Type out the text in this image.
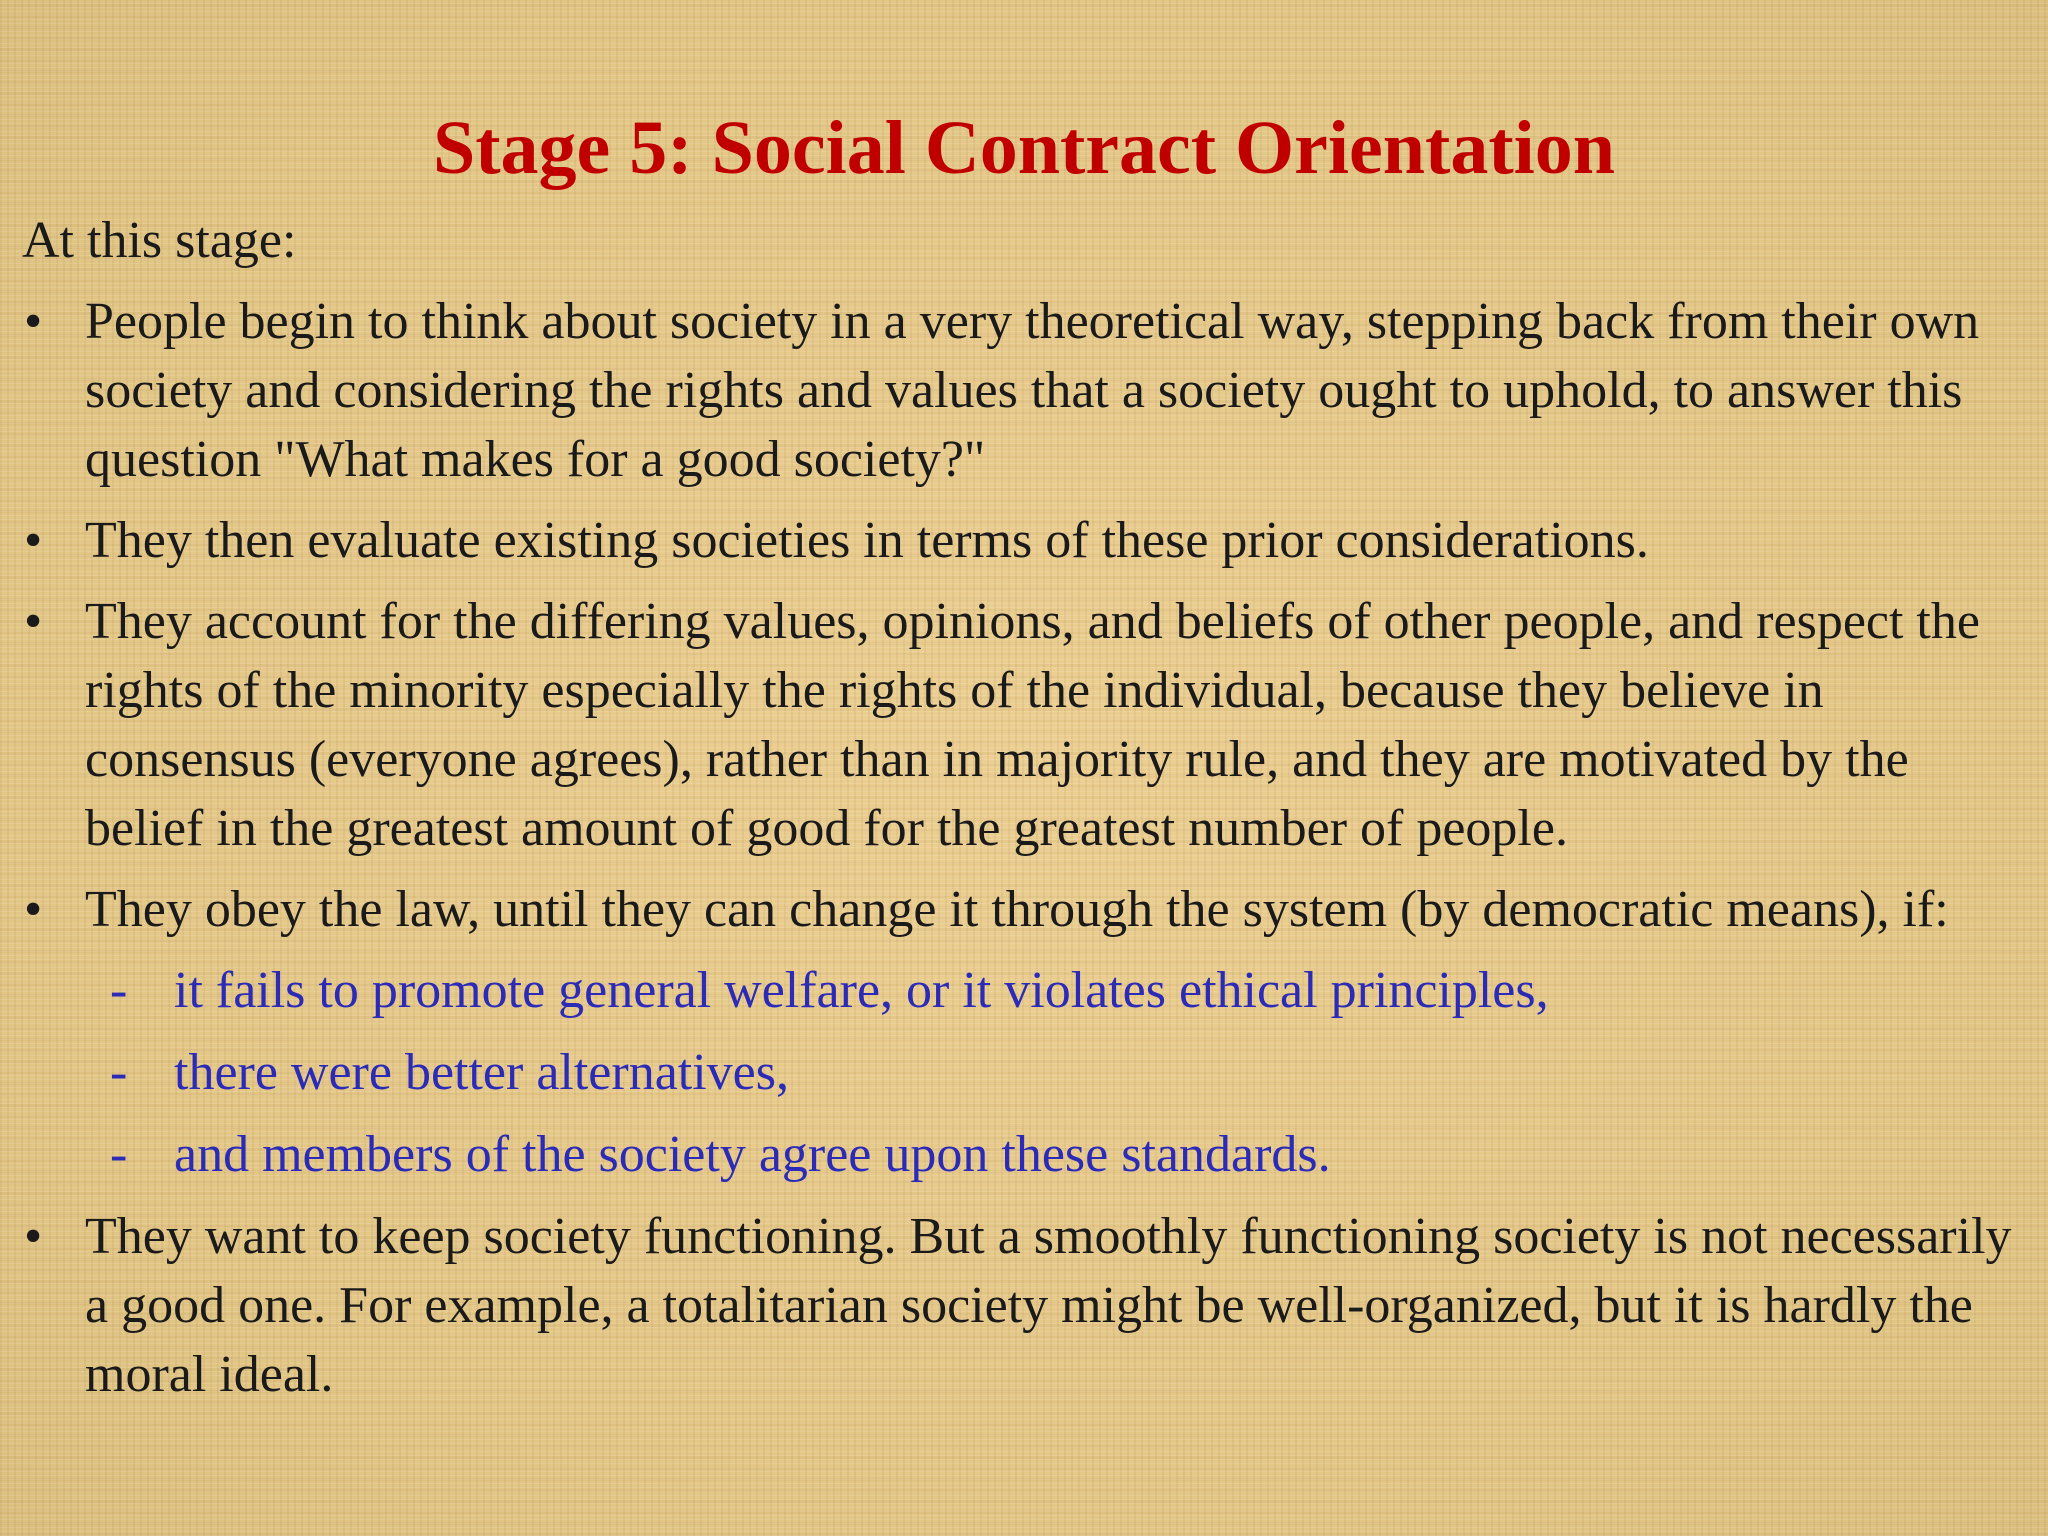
Stage 5: Social Contract Orientation
At this stage:
• People begin to think about society in a very theoretical way, stepping back from their own society and considering the rights and values that a society ought to uphold, to answer this question "What makes for a good society?"
• They then evaluate existing societies in terms of these prior considerations.
• They account for the differing values, opinions, and beliefs of other people, and respect the rights of the minority especially the rights of the individual, because they believe in consensus (everyone agrees), rather than in majority rule, and they are motivated by the belief in the greatest amount of good for the greatest number of people.
• They obey the law, until they can change it through the system (by democratic means), if:
- it fails to promote general welfare, or it violates ethical principles,
- there were better alternatives,
- and members of the society agree upon these standards.
• They want to keep society functioning. But a smoothly functioning society is not necessarily a good one. For example, a totalitarian society might be well-organized, but it is hardly the moral ideal.
